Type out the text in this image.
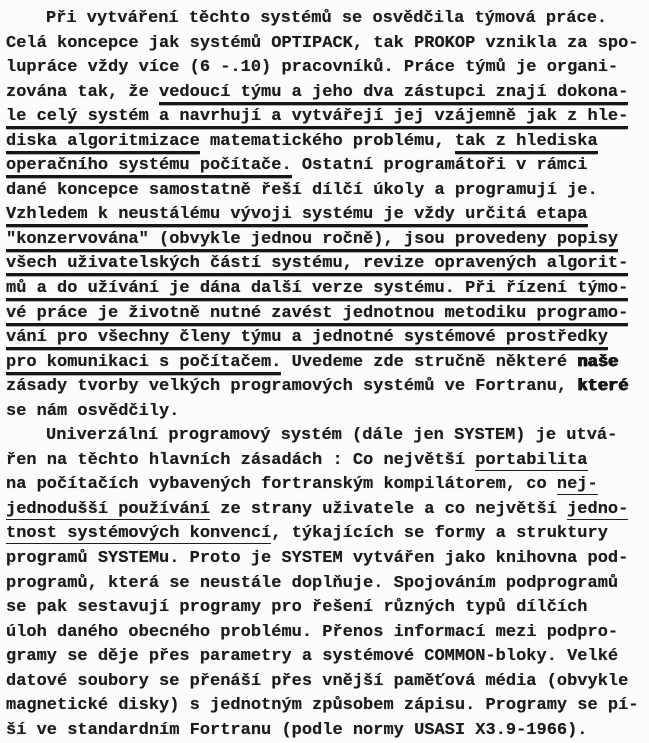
Při vytváření těchto systémů se osvědčila týmová práce.
Celá koncepce jak systémů OPTIPACK, tak PROKOP vznikla za spo-
lupráce vždy více (6 -.10) pracovníků. Práce týmů je organi-
zována tak, že vedoucí týmu a jeho dva zástupci znají dokona-
le celý systém a navrhují a vytvářejí jej vzájemně jak z hle-
diska algoritmizace matematického problému, tak z hlediska
operačního systému počítače. Ostatní programátoři v rámci
dané koncepce samostatně řeší dílčí úkoly a programují je.
Vzhledem k neustálému vývoji systému je vždy určitá etapa
"konzervována" (obvykle jednou ročně), jsou provedeny popisy
všech uživatelských částí systému, revize opravených algorit-
mů a do užívání je dána další verze systému. Při řízení týmo-
vé práce je životně nutné zavést jednotnou metodiku programo-
vání pro všechny členy týmu a jednotné systémové prostředky
pro komunikaci s počítačem. Uvedeme zde stručně některé naše
zásady tvorby velkých programových systémů ve Fortranu, které
se nám osvědčily.
Univerzální programový systém (dále jen SYSTEM) je utvá-
řen na těchto hlavních zásadách : Co největší portabilita
na počítačích vybavených fortranským kompilátorem, co nej-
jednodušší používání ze strany uživatele a co největší jedno-
tnost systémových konvencí, týkajících se formy a struktury
programů SYSTEMu. Proto je SYSTEM vytvářen jako knihovna pod-
programů, která se neustále doplňuje. Spojováním podprogramů
se pak sestavují programy pro řešení různých typů dílčích
úloh daného obecného problému. Přenos informací mezi podpro-
gramy se děje přes parametry a systémové COMMON-bloky. Velké
datové soubory se přenáší přes vnější paměťová média (obvykle
magnetické disky) s jednotným způsobem zápisu. Programy se pí-
ší ve standardním Fortranu (podle normy USASI X3.9-1966).
